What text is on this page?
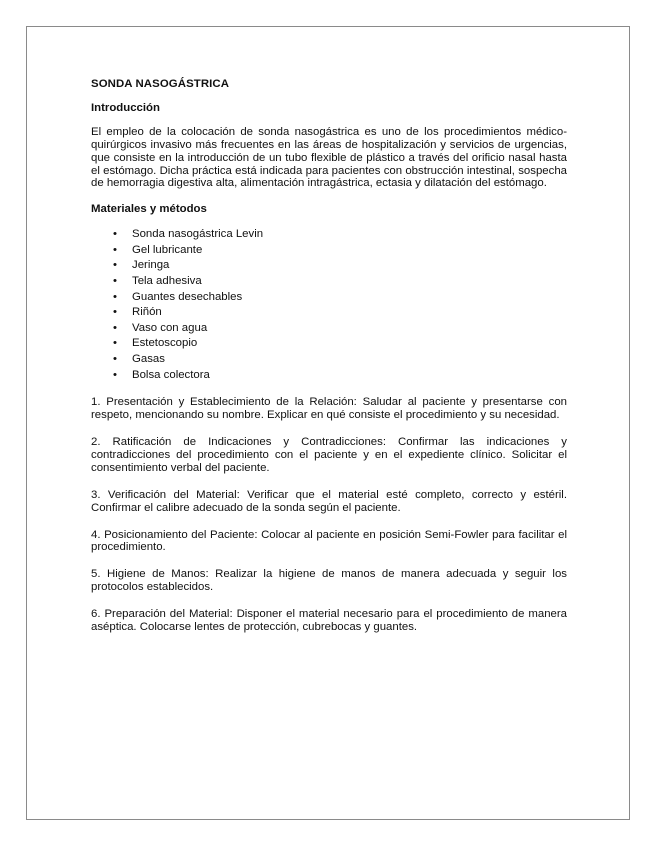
SONDA NASOGÁSTRICA
Introducción

El empleo de la colocación de sonda nasogástrica es uno de los procedimientos médico-quirúrgicos invasivo más frecuentes en las áreas de hospitalización y servicios de urgencias, que consiste en la introducción de un tubo flexible de plástico a través del orificio nasal hasta el estómago. Dicha práctica está indicada para pacientes con obstrucción intestinal, sospecha de hemorragia digestiva alta, alimentación intragástrica, ectasia y dilatación del estómago.

Materiales y métodos
• Sonda nasogástrica Levin
• Gel lubricante
• Jeringa
• Tela adhesiva
• Guantes desechables
• Riñón
• Vaso con agua
• Estetoscopio
• Gasas
• Bolsa colectora

1. Presentación y Establecimiento de la Relación: Saludar al paciente y presentarse con respeto, mencionando su nombre. Explicar en qué consiste el procedimiento y su necesidad.

2. Ratificación de Indicaciones y Contradicciones: Confirmar las indicaciones y contradicciones del procedimiento con el paciente y en el expediente clínico. Solicitar el consentimiento verbal del paciente.

3. Verificación del Material: Verificar que el material esté completo, correcto y estéril. Confirmar el calibre adecuado de la sonda según el paciente.

4. Posicionamiento del Paciente: Colocar al paciente en posición Semi-Fowler para facilitar el procedimiento.

5. Higiene de Manos: Realizar la higiene de manos de manera adecuada y seguir los protocolos establecidos.

6. Preparación del Material: Disponer el material necesario para el procedimiento de manera aséptica. Colocarse lentes de protección, cubrebocas y guantes.
